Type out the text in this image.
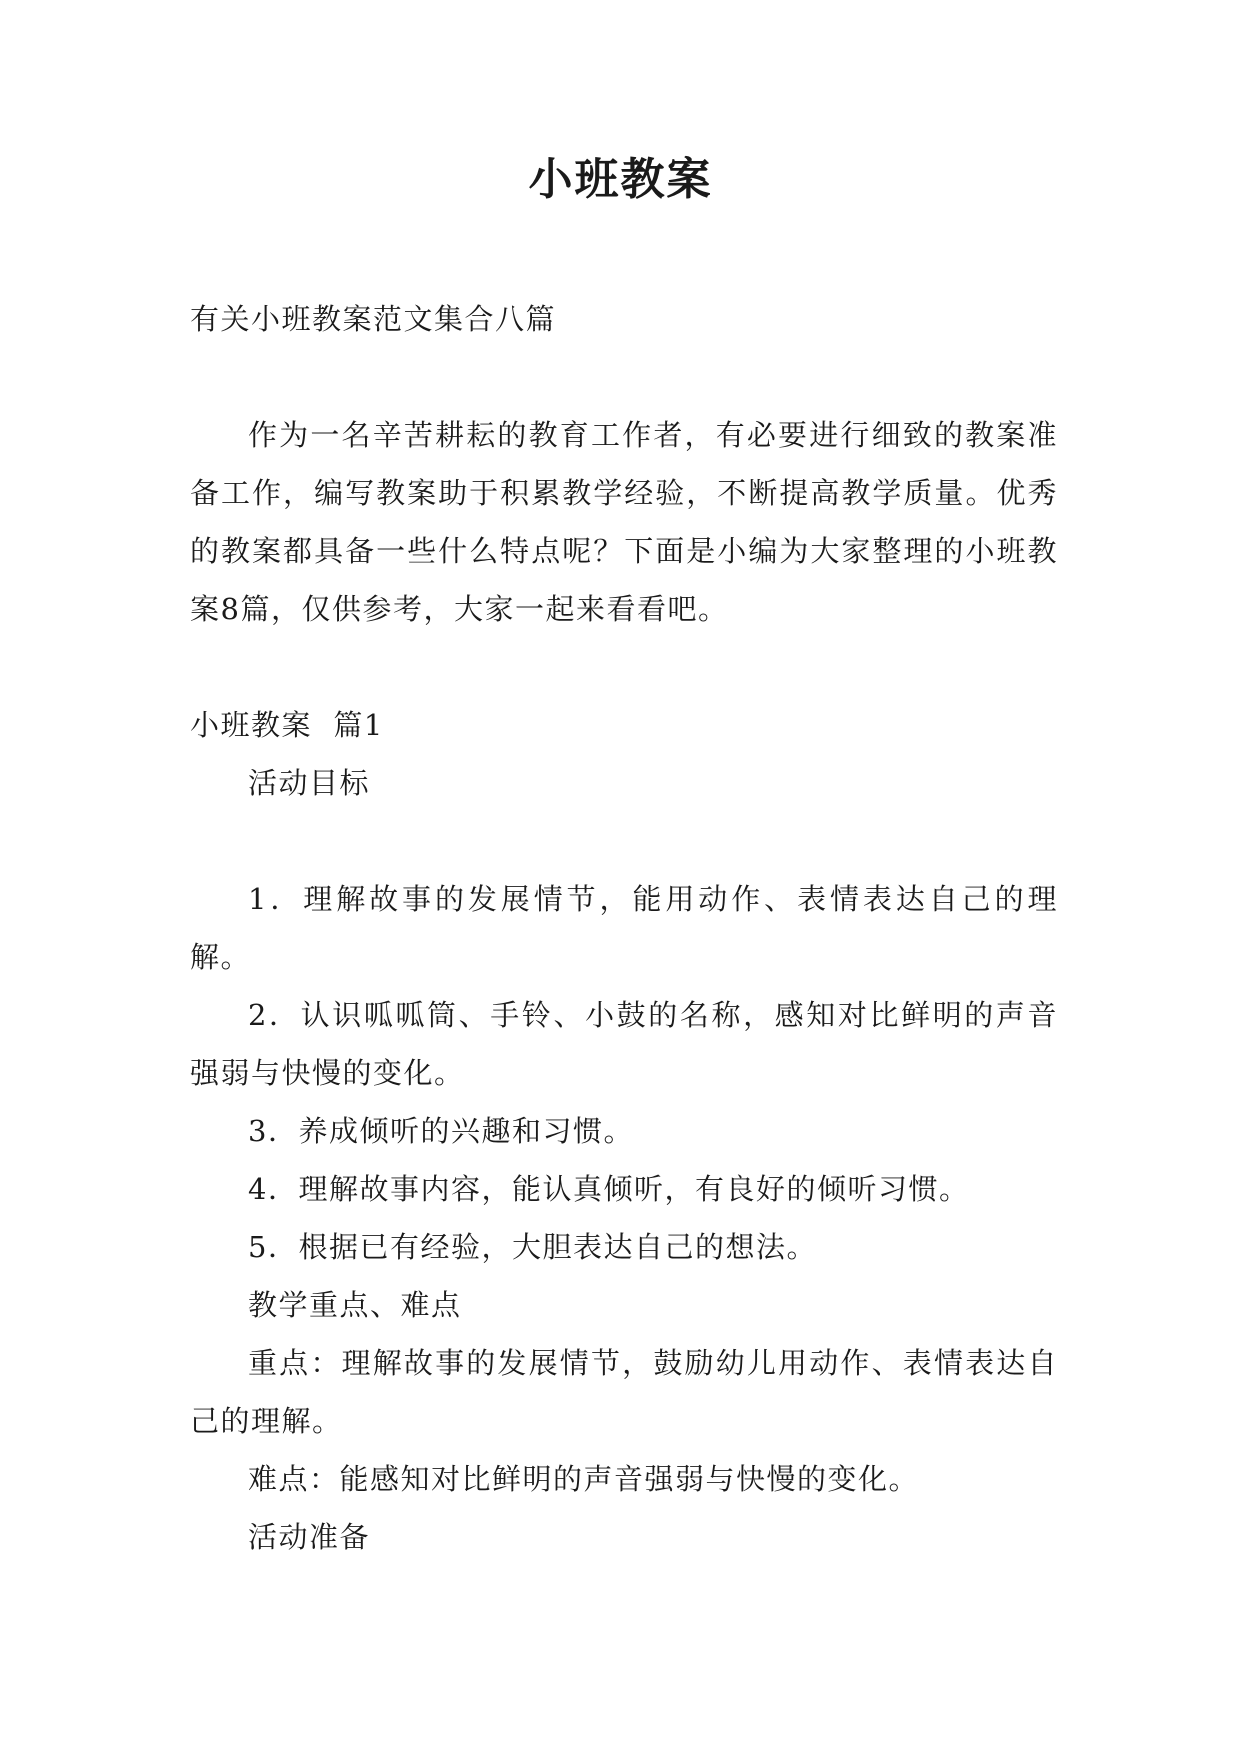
小班教案

有关小班教案范文集合八篇

作为一名辛苦耕耘的教育工作者，有必要进行细致的教案准备工作，编写教案助于积累教学经验，不断提高教学质量。优秀的教案都具备一些什么特点呢？下面是小编为大家整理的小班教案8篇，仅供参考，大家一起来看看吧。

小班教案  篇1

活动目标

1．理解故事的发展情节，能用动作、表情表达自己的理解。

2．认识呱呱筒、手铃、小鼓的名称，感知对比鲜明的声音强弱与快慢的变化。

3．养成倾听的兴趣和习惯。

4．理解故事内容，能认真倾听，有良好的倾听习惯。

5．根据已有经验，大胆表达自己的想法。

教学重点、难点

重点：理解故事的发展情节，鼓励幼儿用动作、表情表达自己的理解。

难点：能感知对比鲜明的声音强弱与快慢的变化。

活动准备
